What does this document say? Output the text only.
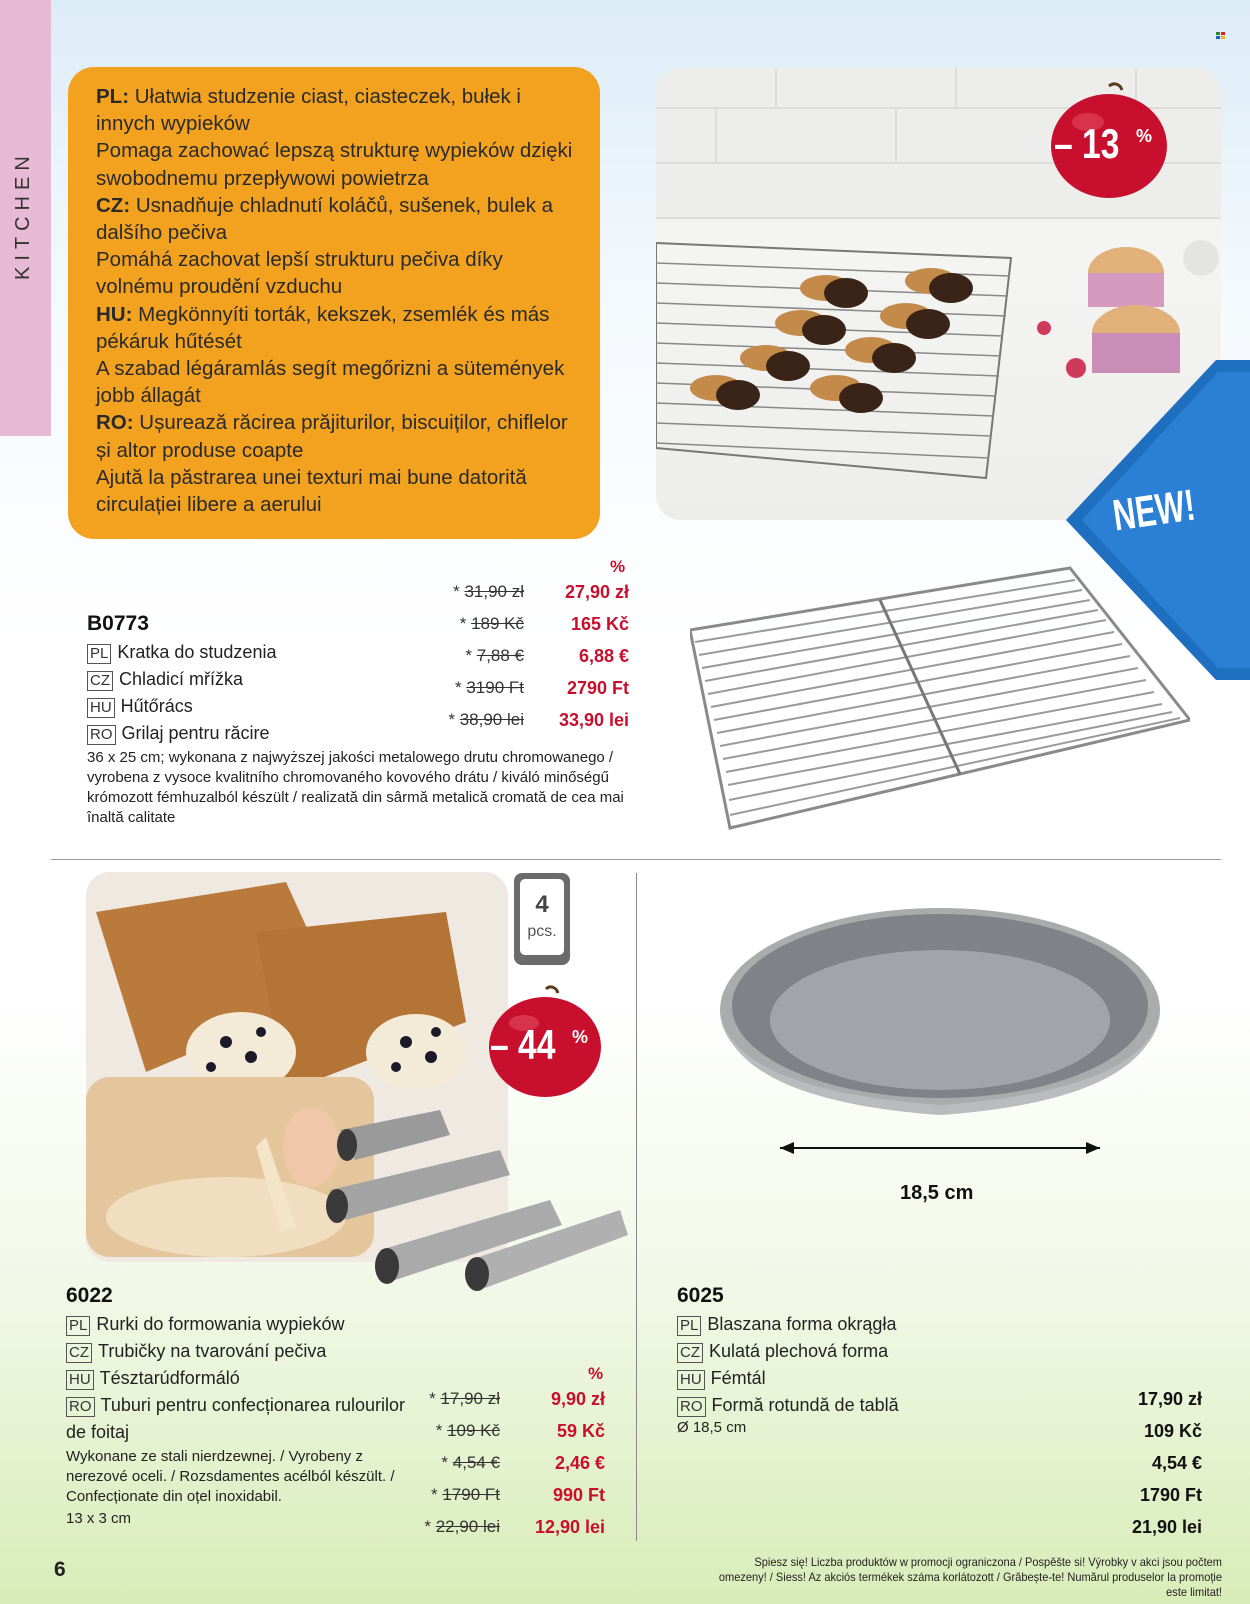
KITCHEN
PL: Ułatwia studzenie ciast, ciasteczek, bułek i innych wypieków
Pomaga zachować lepszą strukturę wypieków dzięki swobodnemu przepływowi powietrza
CZ: Usnadňuje chladnutí koláčů, sušenek, bulek a dalšího pečiva
Pomáhá zachovat lepší strukturu pečiva díky volnému proudění vzduchu
HU: Megkönnyíti torták, kekszek, zsemlék és más pékáruk hűtését
A szabad légáramlás segít megőrizni a sütemények jobb állagát
RO: Ușurează răcirea prăjiturilor, biscuiților, chiflelor și altor produse coapte
Ajută la păstrarea unei texturi mai bune datorită circulației libere a aerului
– 13 %
NEW!
B0773
PL Kratka do studzenia
CZ Chladicí mřížka
HU Hűtőrács
RO Grilaj pentru răcire
36 x 25 cm; wykonana z najwyższej jakości metalowego drutu chromowanego / vyrobena z vysoce kvalitního chromovaného kovového drátu / kiváló minőségű krómozott fémhuzalból készült / realizată din sârmă metalică cromată de cea mai înaltă calitate
%
* 31,90 zł
* 189 Kč
* 7,88 €
* 3190 Ft
* 38,90 lei
27,90 zł
165 Kč
6,88 €
2790 Ft
33,90 lei
4
pcs.
– 44 %
6022
PL Rurki do formowania wypieków
CZ Trubičky na tvarování pečiva
HU Tésztarúdformáló
RO Tuburi pentru confecționarea rulourilor
de foitaj
Wykonane ze stali nierdzewnej. / Vyrobeny z nerezové oceli. / Rozsdamentes acélból készült. / Confecționate din oțel inoxidabil.
13 x 3 cm
%
* 17,90 zł
* 109 Kč
* 4,54 €
* 1790 Ft
* 22,90 lei
9,90 zł
59 Kč
2,46 €
990 Ft
12,90 lei
18,5 cm
6025
PL Blaszana forma okrągła
CZ Kulatá plechová forma
HU Fémtál
RO Formă rotundă de tablă
Ø 18,5 cm
17,90 zł
109 Kč
4,54 €
1790 Ft
21,90 lei
6	Spiesz się! Liczba produktów w promocji ograniczona / Pospěšte si! Výrobky v akci jsou počtem omezeny! / Siess! Az akciós termékek száma korlátozott / Grăbește-te! Numărul produselor la promoție este limitat!
